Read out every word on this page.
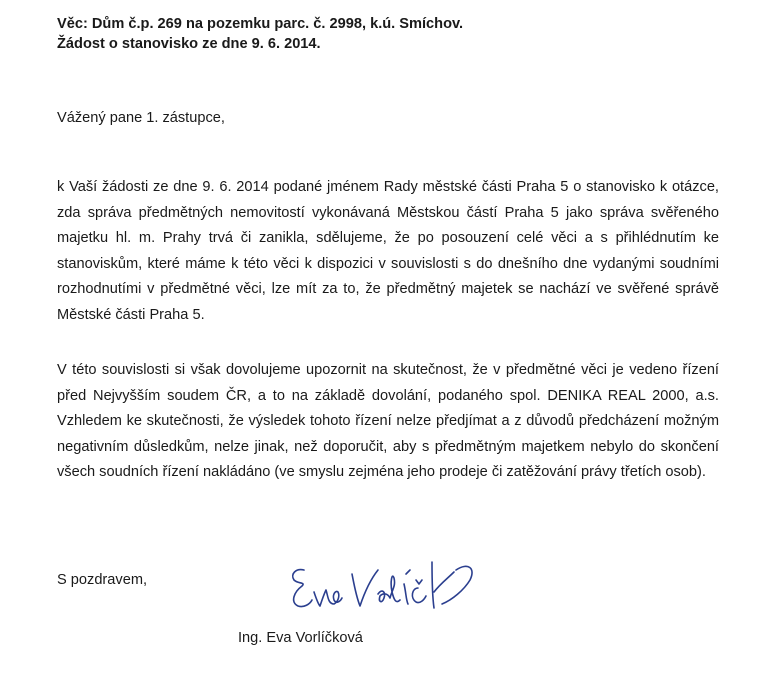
Věc: Dům č.p. 269 na pozemku parc. č. 2998, k.ú. Smíchov.
Žádost o stanovisko ze dne 9. 6. 2014.
Vážený pane 1. zástupce,

k Vaší žádosti ze dne 9. 6. 2014 podané jménem Rady městské části Praha 5 o stanovisko k otázce, zda správa předmětných nemovitostí vykonávaná Městskou částí Praha 5 jako správa svěřeného majetku hl. m. Prahy trvá či zanikla, sdělujeme, že po posouzení celé věci a s přihlédnutím ke stanoviskům, které máme k této věci k dispozici v souvislosti s do dnešního dne vydanými soudními rozhodnutími v předmětné věci, lze mít za to, že předmětný majetek se nachází ve svěřené správě Městské části Praha 5.

V této souvislosti si však dovolujeme upozornit na skutečnost, že v předmětné věci je vedeno řízení před Nejvyšším soudem ČR, a to na základě dovolání, podaného spol. DENIKA REAL 2000, a.s. Vzhledem ke skutečnosti, že výsledek tohoto řízení nelze předjímat a z důvodů předcházení možným negativním důsledkům, nelze jinak, než doporučit, aby s předmětným majetkem nebylo do skončení všech soudních řízení nakládáno (ve smyslu zejména jeho prodeje či zatěžování právy třetích osob).

S pozdravem,
Ing. Eva Vorlíčková
